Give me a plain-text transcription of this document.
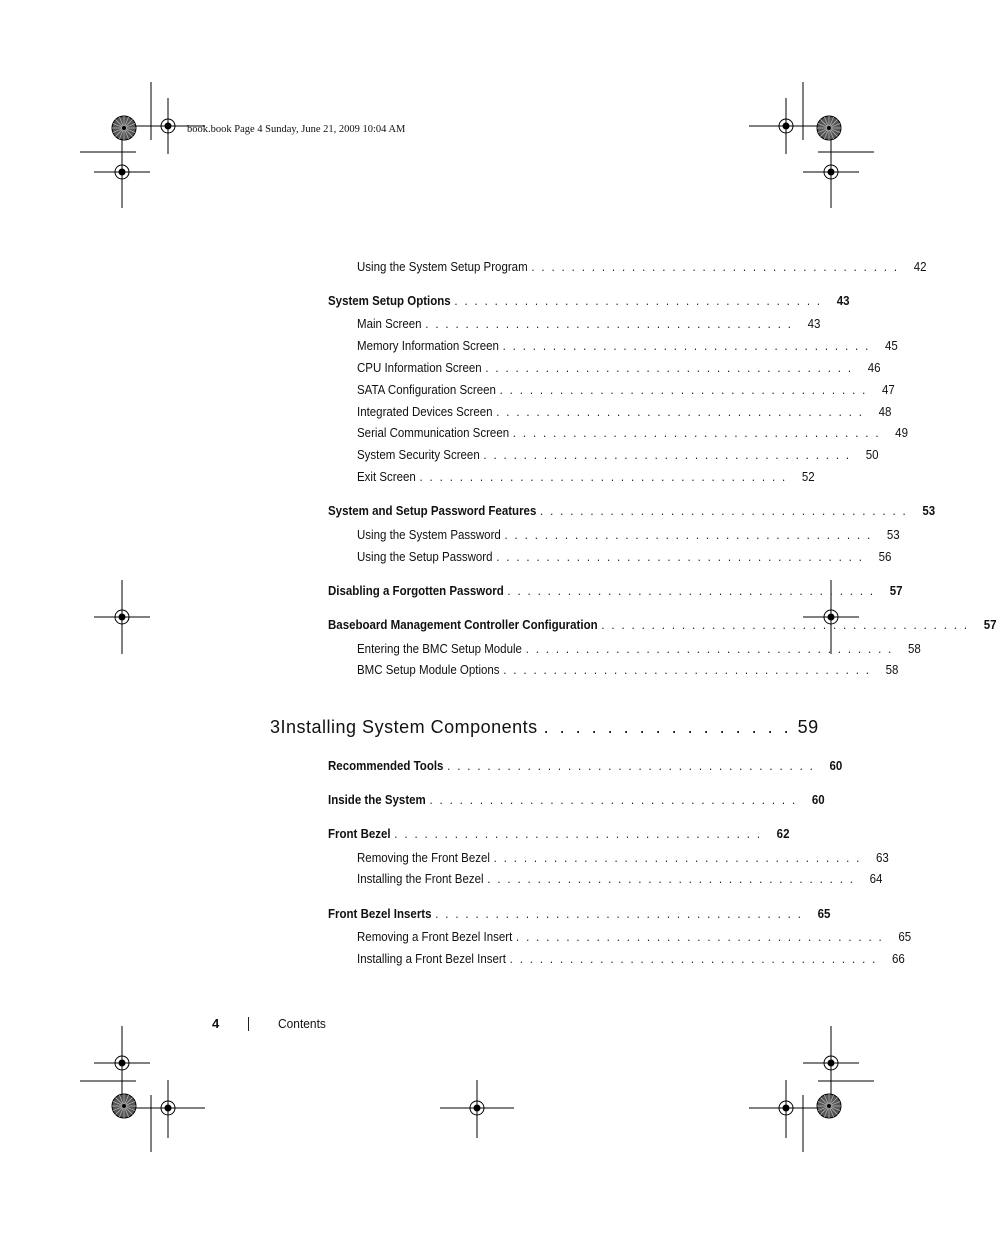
book.book Page 4 Sunday, June 21, 2009 10:04 AM
Using the System Setup Program . . . . . . . . . . . . . . . . . . . . . . . . . . . . . . . . . . . . .	42
System Setup Options . . . . . . . . . . . . . . . . . . . . . . . . . . . . . . . . . . . . .	43
Main Screen . . . . . . . . . . . . . . . . . . . . . . . . . . . . . . . . . . . . .	43
Memory Information Screen . . . . . . . . . . . . . . . . . . . . . . . . . . . . . . . . . . . . .	45
CPU Information Screen . . . . . . . . . . . . . . . . . . . . . . . . . . . . . . . . . . . . .	46
SATA Configuration Screen . . . . . . . . . . . . . . . . . . . . . . . . . . . . . . . . . . . . .	47
Integrated Devices Screen . . . . . . . . . . . . . . . . . . . . . . . . . . . . . . . . . . . . .	48
Serial Communication Screen . . . . . . . . . . . . . . . . . . . . . . . . . . . . . . . . . . . . .	49
System Security Screen . . . . . . . . . . . . . . . . . . . . . . . . . . . . . . . . . . . . .	50
Exit Screen . . . . . . . . . . . . . . . . . . . . . . . . . . . . . . . . . . . . .	52
System and Setup Password Features . . . . . . . . . . . . . . . . . . . . . . . . . . . . . . . . . . . . .	53
Using the System Password . . . . . . . . . . . . . . . . . . . . . . . . . . . . . . . . . . . . .	53
Using the Setup Password . . . . . . . . . . . . . . . . . . . . . . . . . . . . . . . . . . . . .	56
Disabling a Forgotten Password . . . . . . . . . . . . . . . . . . . . . . . . . . . . . . . . . . . . .	57
Baseboard Management Controller Configuration . . . . . . . . . . . . . . . . . . . . . . . . . . . . . . . . . . . . .	57
Entering the BMC Setup Module . . . . . . . . . . . . . . . . . . . . . . . . . . . . . . . . . . . . .	58
BMC Setup Module Options . . . . . . . . . . . . . . . . . . . . . . . . . . . . . . . . . . . . .	58
3 Installing System Components . . . . . . . . . . . . . . . . 59
Recommended Tools . . . . . . . . . . . . . . . . . . . . . . . . . . . . . . . . . . . . .	60
Inside the System . . . . . . . . . . . . . . . . . . . . . . . . . . . . . . . . . . . . .	60
Front Bezel . . . . . . . . . . . . . . . . . . . . . . . . . . . . . . . . . . . . .	62
Removing the Front Bezel . . . . . . . . . . . . . . . . . . . . . . . . . . . . . . . . . . . . .	63
Installing the Front Bezel . . . . . . . . . . . . . . . . . . . . . . . . . . . . . . . . . . . . .	64
Front Bezel Inserts . . . . . . . . . . . . . . . . . . . . . . . . . . . . . . . . . . . . .	65
Removing a Front Bezel Insert . . . . . . . . . . . . . . . . . . . . . . . . . . . . . . . . . . . . .	65
Installing a Front Bezel Insert . . . . . . . . . . . . . . . . . . . . . . . . . . . . . . . . . . . . .	66
4	Contents
